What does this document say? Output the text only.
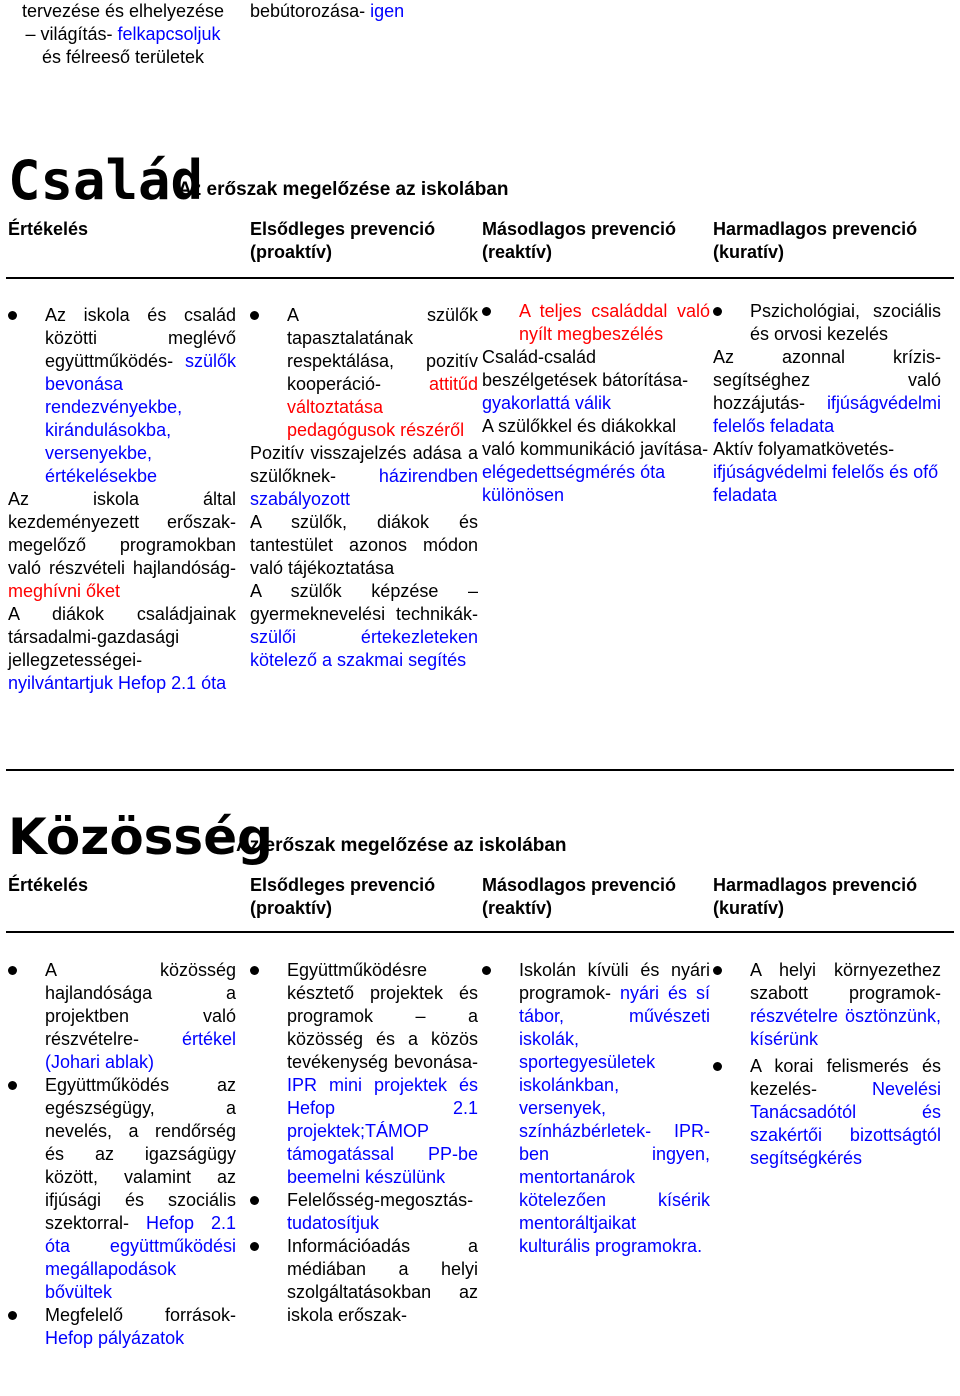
tervezése és elhelyezése
– világítás- felkapcsoljuk
és félreeső területek
bebútorozása- igen
Család
Az erőszak megelőzése az iskolában
Értékelés	Elsődleges prevenció (proaktív)
Másodlagos prevenció (reaktív)
Harmadlagos prevenció (kuratív)
Az iskola és család közötti meglévő együttműködés- szülők bevonása rendezvényekbe, kirándulásokba, versenyekbe, értékelésekbe
Az iskola által kezdeményezett erőszak-megelőző programokban való részvételi hajlandóság- meghívni őket
A diákok családjainak társadalmi-gazdasági jellegzetességei- nyilvántartjuk Hefop 2.1 óta
A szülők tapasztalatának respektálása, pozitív kooperáció- attitűd változtatása pedagógusok részéről
Pozitív visszajelzés adása a szülőknek- házirendben szabályozott
A szülők, diákok és tantestület azonos módon való tájékoztatása
A szülők képzése – gyermeknevelési technikák- szülői értekezleteken kötelező a szakmai segítés
A teljes családdal való nyílt megbeszélés
Család-család beszélgetések bátorítása-gyakorlattá válik
A szülőkkel és diákokkal való kommunikáció javítása- elégedettségmérés óta különösen
Pszichológiai, szociális és orvosi kezelés
Az azonnal krízis-segítséghez való hozzájutás- ifjúságvédelmi felelős feladata
Aktív folyamatkövetés- ifjúságvédelmi felelős és ofő feladata
Közösség
Az erőszak megelőzése az iskolában
Értékelés	Elsődleges prevenció (proaktív)
Másodlagos prevenció (reaktív)
Harmadlagos prevenció (kuratív)
A közösség hajlandósága a projektben való részvételre- értékel (Johari ablak)
Együttműködés az egészségügy, a nevelés, a rendőrség és az igazságügy között, valamint az ifjúsági és szociális szektorral- Hefop 2.1 óta együttműködési megállapodások bővültek
Megfelelő források- Hefop pályázatok
Együttműködésre késztető projektek és programok – a közösség és a közös tevékenység bevonása- IPR mini projektek és Hefop 2.1 projektek;TÁMOP támogatással PP-be beemelni készülünk
Felelősség-megosztás- tudatosítjuk
Információadás a médiában a helyi szolgáltatásokban az iskola erőszak-
Iskolán kívüli és nyári programok- nyári és sí tábor, művészeti iskolák, sportegyesületek iskolánkban, versenyek, színházbérletek- IPR-ben ingyen, mentortanárok kötelezően kísérik mentoráltjaikat kulturális programokra.
A helyi környezethez szabott programok- részvételre ösztönzünk, kísérünk
A korai felismerés és kezelés- Nevelési Tanácsadótól és szakértői bizottságtól segítségkérés
